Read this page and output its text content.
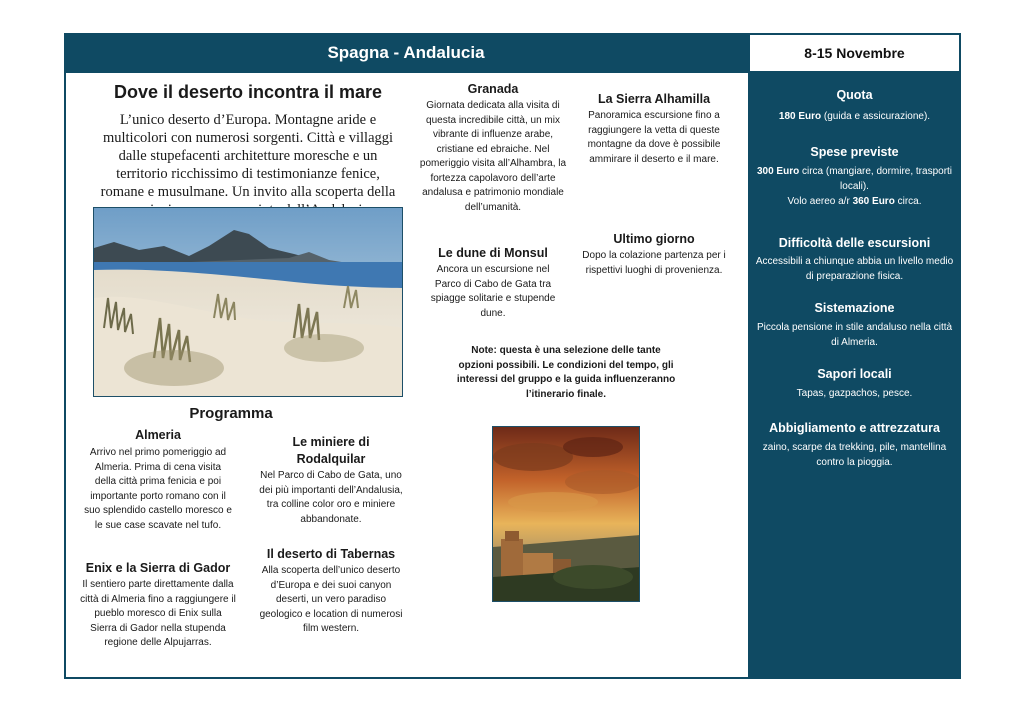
Spagna - Andalucia	8-15 Novembre
Quota
180 Euro (guida e assicurazione).
Spese previste
300 Euro circa (mangiare, dormire, trasporti locali).
Volo aereo a/r 360 Euro circa.
Difficoltà delle escursioni
Accessibili a chiunque abbia un livello medio di preparazione fisica.
Sistemazione
Piccola pensione in stile andaluso nella città di Almeria.
Sapori locali
Tapas, gazpachos, pesce.
Abbigliamento e attrezzatura
zaino, scarpe da trekking, pile, mantellina contro la pioggia.
Dove il deserto incontra il mare
L’unico deserto d’Europa. Montagne aride e multicolori con numerosi sorgenti. Città e villaggi dalle stupefacenti architetture moresche e un territorio ricchissimo di testimonianze fenice, romane e musulmane. Un invito alla scoperta della
Programma
Almeria
Arrivo nel primo pomeriggio ad Almeria. Prima di cena visita della città prima fenicia e poi importante porto romano con il suo splendido castello moresco e le sue case scavate nel tufo.
Enix e la Sierra di Gador
Il sentiero parte direttamente dalla città di Almeria fino a raggiungere il pueblo moresco di Enix sulla Sierra di Gador nella stupenda regione delle Alpujarras.
Le miniere di Rodalquilar
Nel Parco di Cabo de Gata, uno dei più importanti dell’Andalusia, tra colline color oro e miniere abbandonate.
Il deserto di Tabernas
Alla scoperta dell’unico deserto d’Europa e dei suoi canyon deserti, un vero paradiso geologico e location di numerosi film western.
Granada
Giornata dedicata alla visita di questa incredibile città, un mix vibrante di influenze arabe, cristiane ed ebraiche. Nel pomeriggio visita all’Alhambra, la fortezza capolavoro dell’arte andalusa e patrimonio mondiale dell’umanità.
La Sierra Alhamilla
Panoramica escursione fino a raggiungere la vetta di queste montagne da dove è possibile ammirare il deserto e il mare.
Le dune di Monsul
Ancora un escursione nel Parco di Cabo de Gata tra spiagge solitarie e stupende dune.
Ultimo giorno
Dopo la colazione partenza per i rispettivi luoghi di provenienza.
Note: questa è una selezione delle tante opzioni possibili. Le condizioni del tempo, gli interessi del gruppo e la guida influenzeranno l’itinerario finale.
